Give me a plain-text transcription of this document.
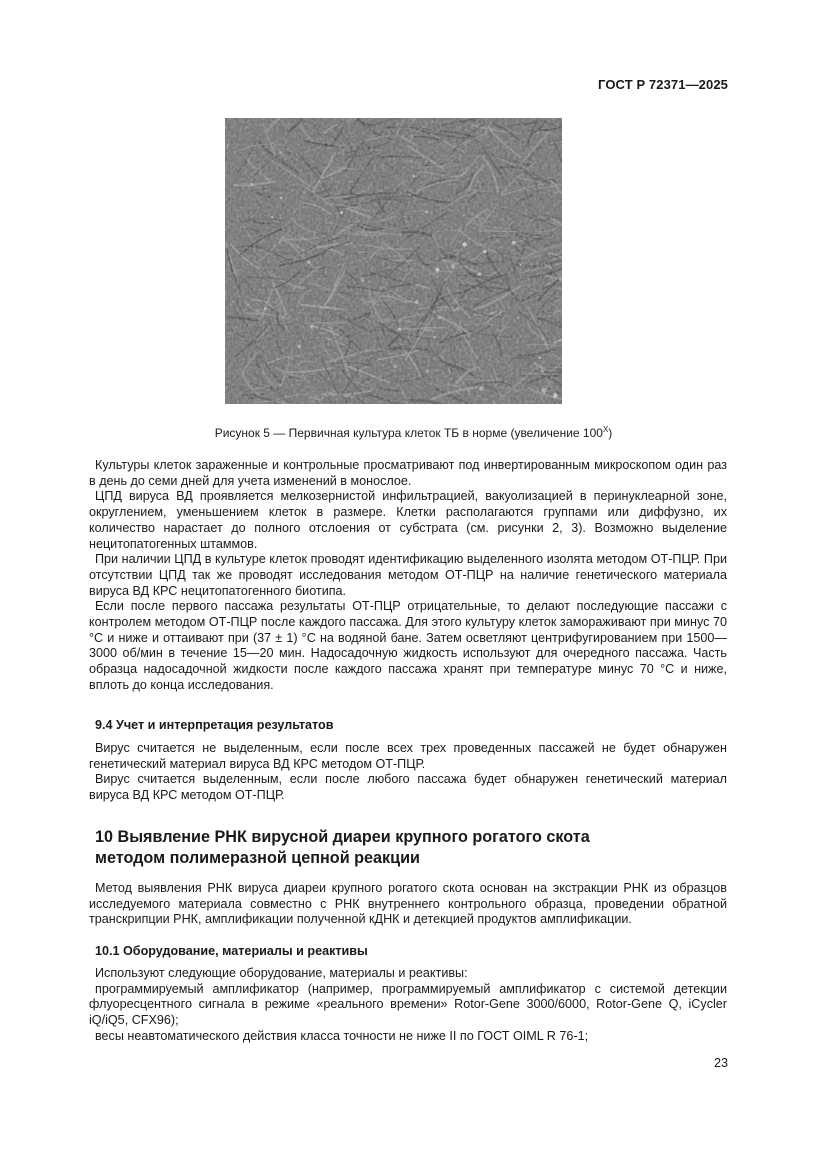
ГОСТ Р 72371—2025
Рисунок 5 — Первичная культура клеток ТБ в норме (увеличение $100^X$)

Культуры клеток зараженные и контрольные просматривают под инвертированным микроскопом один раз в день до семи дней для учета изменений в монослое.

ЦПД вируса ВД проявляется мелкозернистой инфильтрацией, вакуолизацией в перинуклеарной зоне, округлением, уменьшением клеток в размере. Клетки располагаются группами или диффузно, их количество нарастает до полного отслоения от субстрата (см. рисунки 2, 3). Возможно выделение нецитопатогенных штаммов.

При наличии ЦПД в культуре клеток проводят идентификацию выделенного изолята методом ОТ-ПЦР. При отсутствии ЦПД так же проводят исследования методом ОТ-ПЦР на наличие генетического материала вируса ВД КРС нецитопатогенного биотипа.

Если после первого пассажа результаты ОТ-ПЦР отрицательные, то делают последующие пассажи с контролем методом ОТ-ПЦР после каждого пассажа. Для этого культуру клеток замораживают при минус 70 °С и ниже и оттаивают при (37 ± 1) °С на водяной бане. Затем осветляют центрифугированием при 1500—3000 об/мин в течение 15—20 мин. Надосадочную жидкость используют для очередного пассажа. Часть образца надосадочной жидкости после каждого пассажа хранят при температуре минус 70 °С и ниже, вплоть до конца исследования.

9.4 Учет и интерпретация результатов

Вирус считается не выделенным, если после всех трех проведенных пассажей не будет обнаружен генетический материал вируса ВД КРС методом ОТ-ПЦР.

Вирус считается выделенным, если после любого пассажа будет обнаружен генетический материал вируса ВД КРС методом ОТ-ПЦР.

10 Выявление РНК вирусной диареи крупного рогатого скота
методом полимеразной цепной реакции

Метод выявления РНК вируса диареи крупного рогатого скота основан на экстракции РНК из образцов исследуемого материала совместно с РНК внутреннего контрольного образца, проведении обратной транскрипции РНК, амплификации полученной кДНК и детекцией продуктов амплификации.

10.1 Оборудование, материалы и реактивы

Используют следующие оборудование, материалы и реактивы:

программируемый амплификатор (например, программируемый амплификатор с системой детекции флуоресцентного сигнала в режиме «реального времени» Rotor-Gene 3000/6000, Rotor-Gene Q, iCycler iQ/iQ5, CFX96);

весы неавтоматического действия класса точности не ниже II по ГОСТ OIML R 76-1;

23
